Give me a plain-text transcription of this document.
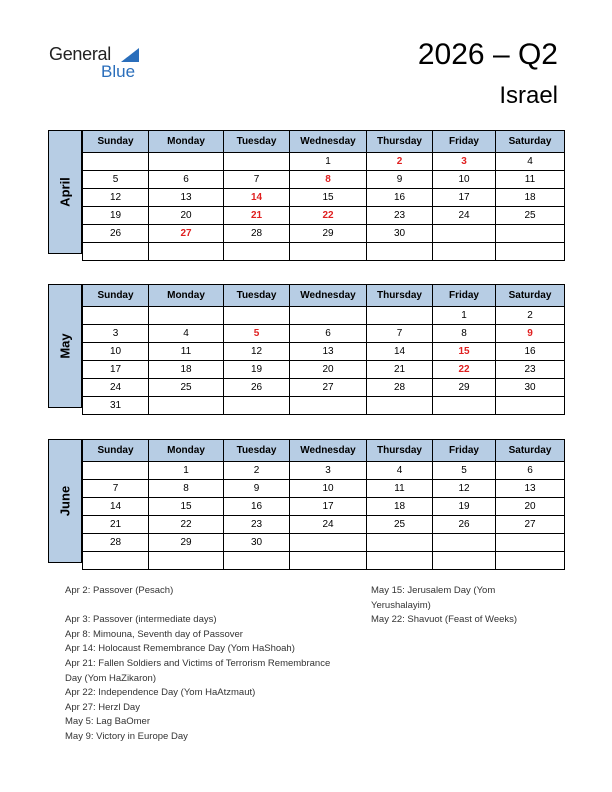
General
Blue
2026 – Q2
Israel
April
Sunday	Monday	Tuesday	Wednesday	Thursday	Friday	Saturday
			1	2	3	4
5	6	7	8	9	10	11
12	13	14	15	16	17	18
19	20	21	22	23	24	25
26	27	28	29	30		

May
Sunday	Monday	Tuesday	Wednesday	Thursday	Friday	Saturday
					1	2
3	4	5	6	7	8	9
10	11	12	13	14	15	16
17	18	19	20	21	22	23
24	25	26	27	28	29	30
31						
June
Sunday	Monday	Tuesday	Wednesday	Thursday	Friday	Saturday
	1	2	3	4	5	6
7	8	9	10	11	12	13
14	15	16	17	18	19	20
21	22	23	24	25	26	27
28	29	30				

Apr 2: Passover (Pesach)

Apr 3: Passover (intermediate days)
Apr 8: Mimouna, Seventh day of Passover
Apr 14: Holocaust Remembrance Day (Yom HaShoah)
Apr 21: Fallen Soldiers and Victims of Terrorism Remembrance
Day (Yom HaZikaron)
Apr 22: Independence Day (Yom HaAtzmaut)
Apr 27: Herzl Day
May 5: Lag BaOmer
May 9: Victory in Europe Day
May 15: Jerusalem Day (Yom
Yerushalayim)
May 22: Shavuot (Feast of Weeks)
